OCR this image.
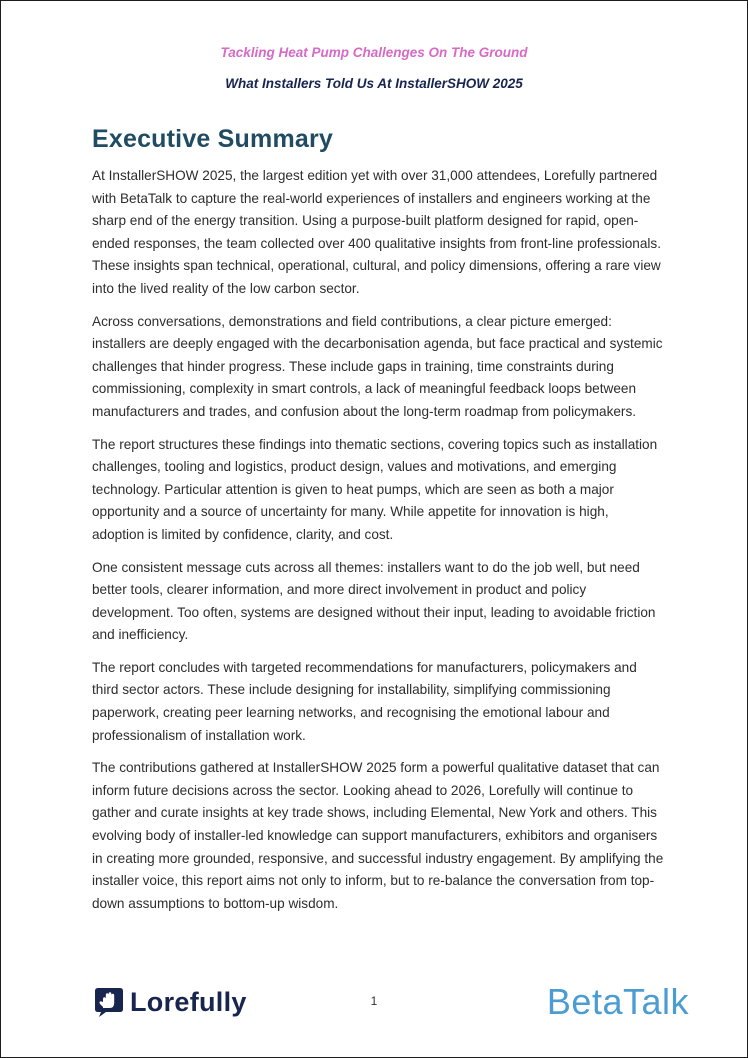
Tackling Heat Pump Challenges On The Ground
What Installers Told Us At InstallerSHOW 2025
Executive Summary

At InstallerSHOW 2025, the largest edition yet with over 31,000 attendees, Lorefully partnered with BetaTalk to capture the real-world experiences of installers and engineers working at the sharp end of the energy transition. Using a purpose-built platform designed for rapid, open-ended responses, the team collected over 400 qualitative insights from front-line professionals. These insights span technical, operational, cultural, and policy dimensions, offering a rare view into the lived reality of the low carbon sector.

Across conversations, demonstrations and field contributions, a clear picture emerged: installers are deeply engaged with the decarbonisation agenda, but face practical and systemic challenges that hinder progress. These include gaps in training, time constraints during commissioning, complexity in smart controls, a lack of meaningful feedback loops between manufacturers and trades, and confusion about the long-term roadmap from policymakers.

The report structures these findings into thematic sections, covering topics such as installation challenges, tooling and logistics, product design, values and motivations, and emerging technology. Particular attention is given to heat pumps, which are seen as both a major opportunity and a source of uncertainty for many. While appetite for innovation is high, adoption is limited by confidence, clarity, and cost.

One consistent message cuts across all themes: installers want to do the job well, but need better tools, clearer information, and more direct involvement in product and policy development. Too often, systems are designed without their input, leading to avoidable friction and inefficiency.

The report concludes with targeted recommendations for manufacturers, policymakers and third sector actors. These include designing for installability, simplifying commissioning paperwork, creating peer learning networks, and recognising the emotional labour and professionalism of installation work.

The contributions gathered at InstallerSHOW 2025 form a powerful qualitative dataset that can inform future decisions across the sector. Looking ahead to 2026, Lorefully will continue to gather and curate insights at key trade shows, including Elemental, New York and others. This evolving body of installer-led knowledge can support manufacturers, exhibitors and organisers in creating more grounded, responsive, and successful industry engagement. By amplifying the installer voice, this report aims not only to inform, but to re-balance the conversation from top-down assumptions to bottom-up wisdom.

Lorefully	1	BetaTalk
